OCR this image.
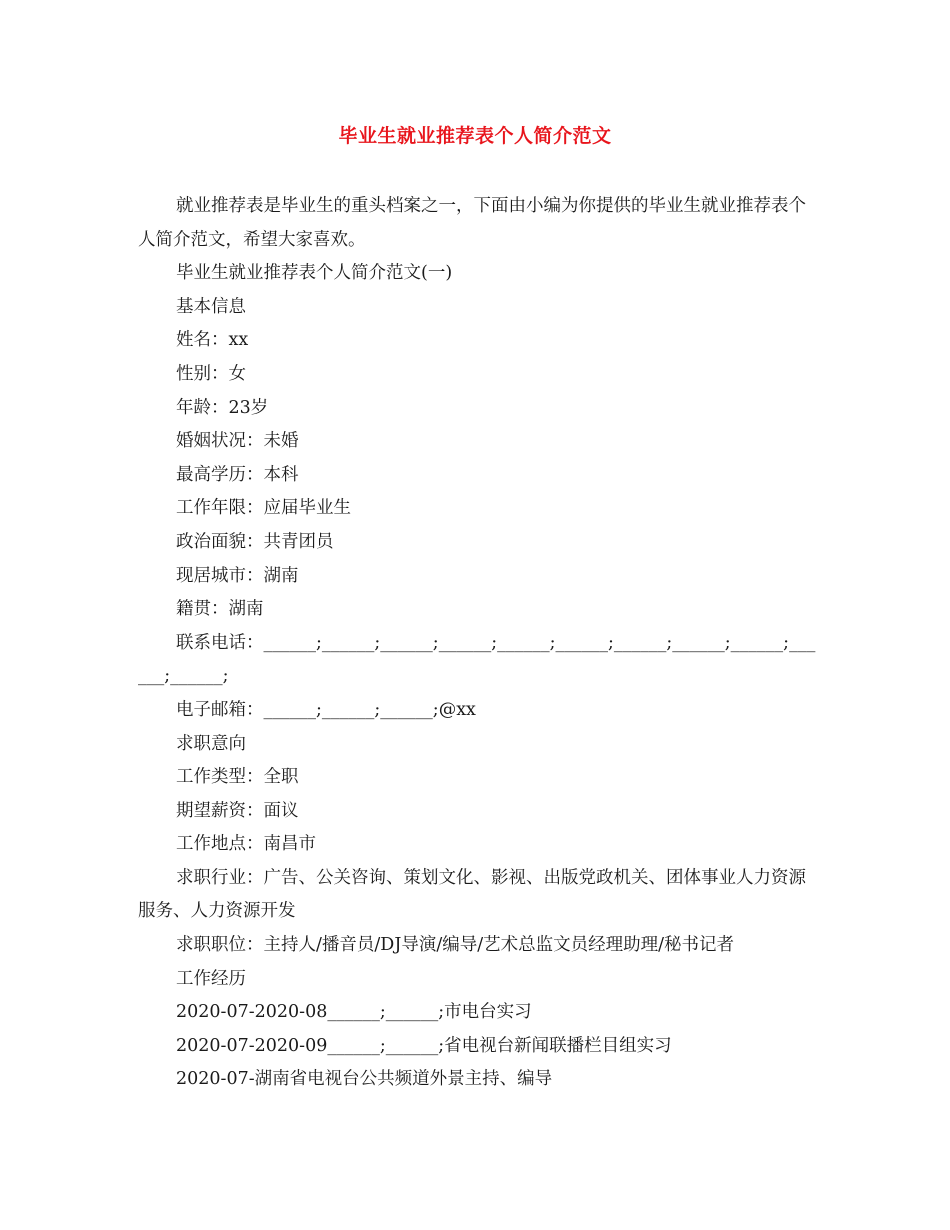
毕业生就业推荐表个人简介范文

就业推荐表是毕业生的重头档案之一，下面由小编为你提供的毕业生就业推荐表个人简介范文，希望大家喜欢。

毕业生就业推荐表个人简介范文(一)

基本信息

姓名：xx

性别：女

年龄：23岁

婚姻状况：未婚

最高学历：本科

工作年限：应届毕业生

政治面貌：共青团员

现居城市：湖南

籍贯：湖南

联系电话：______;______;______;______;______;______;______;______;______;______;______;

电子邮箱：______;______;______;@xx

求职意向

工作类型：全职

期望薪资：面议

工作地点：南昌市

求职行业：广告、公关咨询、策划文化、影视、出版党政机关、团体事业人力资源服务、人力资源开发

求职职位：主持人/播音员/DJ导演/编导/艺术总监文员经理助理/秘书记者

工作经历

2020-07-2020-08______;______;市电台实习

2020-07-2020-09______;______;省电视台新闻联播栏目组实习

2020-07-湖南省电视台公共频道外景主持、编导
